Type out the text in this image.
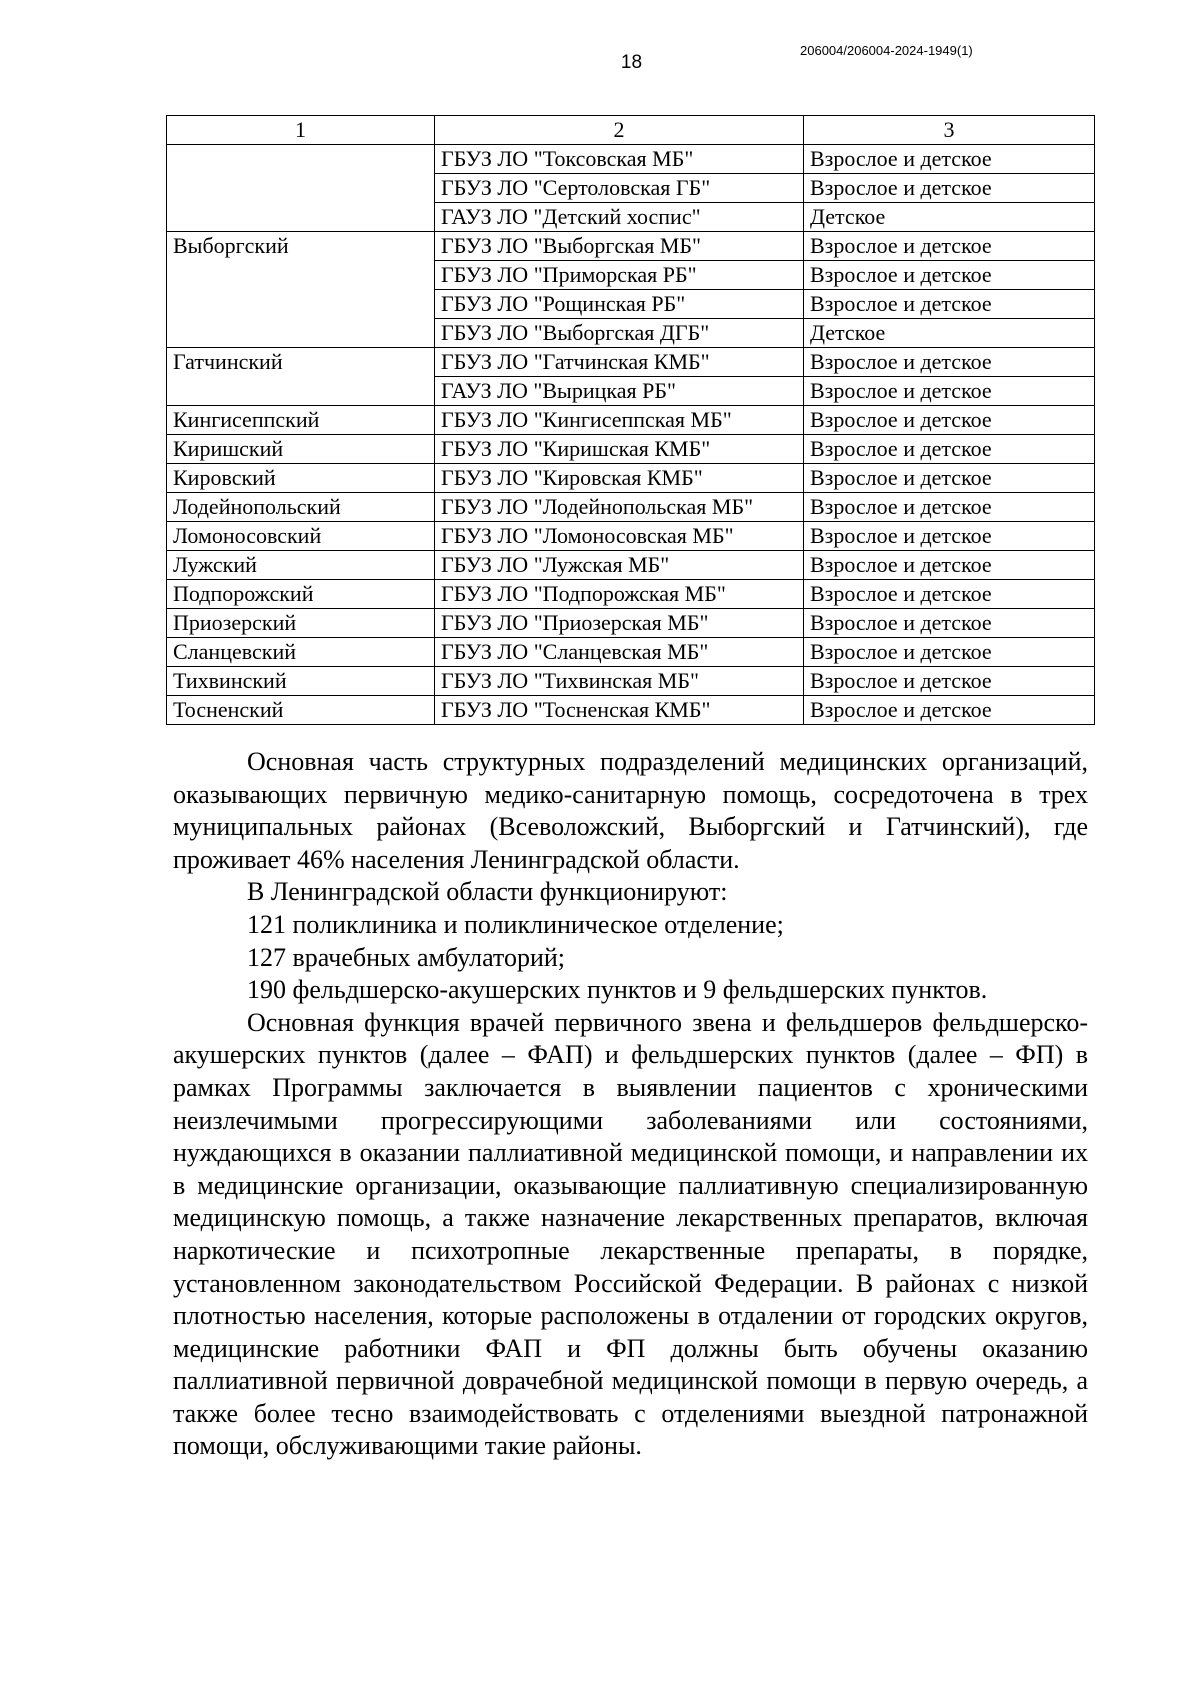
206004/206004-2024-1949(1)
18
1	2	3
	ГБУЗ ЛО "Токсовская МБ"	Взрослое и детское
	ГБУЗ ЛО "Сертоловская ГБ"	Взрослое и детское
	ГАУЗ ЛО "Детский хоспис"	Детское
Выборгский	ГБУЗ ЛО "Выборгская МБ"	Взрослое и детское
	ГБУЗ ЛО "Приморская РБ"	Взрослое и детское
	ГБУЗ ЛО "Рощинская РБ"	Взрослое и детское
	ГБУЗ ЛО "Выборгская ДГБ"	Детское
Гатчинский	ГБУЗ ЛО "Гатчинская КМБ"	Взрослое и детское
	ГАУЗ ЛО "Вырицкая РБ"	Взрослое и детское
Кингисеппский	ГБУЗ ЛО "Кингисеппская МБ"	Взрослое и детское
Киришский	ГБУЗ ЛО "Киришская КМБ"	Взрослое и детское
Кировский	ГБУЗ ЛО "Кировская КМБ"	Взрослое и детское
Лодейнопольский	ГБУЗ ЛО "Лодейнопольская МБ"	Взрослое и детское
Ломоносовский	ГБУЗ ЛО "Ломоносовская МБ"	Взрослое и детское
Лужский	ГБУЗ ЛО "Лужская МБ"	Взрослое и детское
Подпорожский	ГБУЗ ЛО "Подпорожская МБ"	Взрослое и детское
Приозерский	ГБУЗ ЛО "Приозерская МБ"	Взрослое и детское
Сланцевский	ГБУЗ ЛО "Сланцевская МБ"	Взрослое и детское
Тихвинский	ГБУЗ ЛО "Тихвинская МБ"	Взрослое и детское
Тосненский	ГБУЗ ЛО "Тосненская КМБ"	Взрослое и детское

Основная часть структурных подразделений медицинских организаций, оказывающих первичную медико-санитарную помощь, сосредоточена в трех муниципальных районах (Всеволожский, Выборгский и Гатчинский), где проживает 46% населения Ленинградской области.

В Ленинградской области функционируют:

121 поликлиника и поликлиническое отделение;

127 врачебных амбулаторий;

190 фельдшерско-акушерских пунктов и 9 фельдшерских пунктов.

Основная функция врачей первичного звена и фельдшеров фельдшерско-акушерских пунктов (далее – ФАП) и фельдшерских пунктов (далее – ФП) в рамках Программы заключается в выявлении пациентов с хроническими неизлечимыми прогрессирующими заболеваниями или состояниями, нуждающихся в оказании паллиативной медицинской помощи, и направлении их в медицинские организации, оказывающие паллиативную специализированную медицинскую помощь, а также назначение лекарственных препаратов, включая наркотические и психотропные лекарственные препараты, в порядке, установленном законодательством Российской Федерации. В районах с низкой плотностью населения, которые расположены в отдалении от городских округов, медицинские работники ФАП и ФП должны быть обучены оказанию паллиативной первичной доврачебной медицинской помощи в первую очередь, а также более тесно взаимодействовать с отделениями выездной патронажной помощи, обслуживающими такие районы.
